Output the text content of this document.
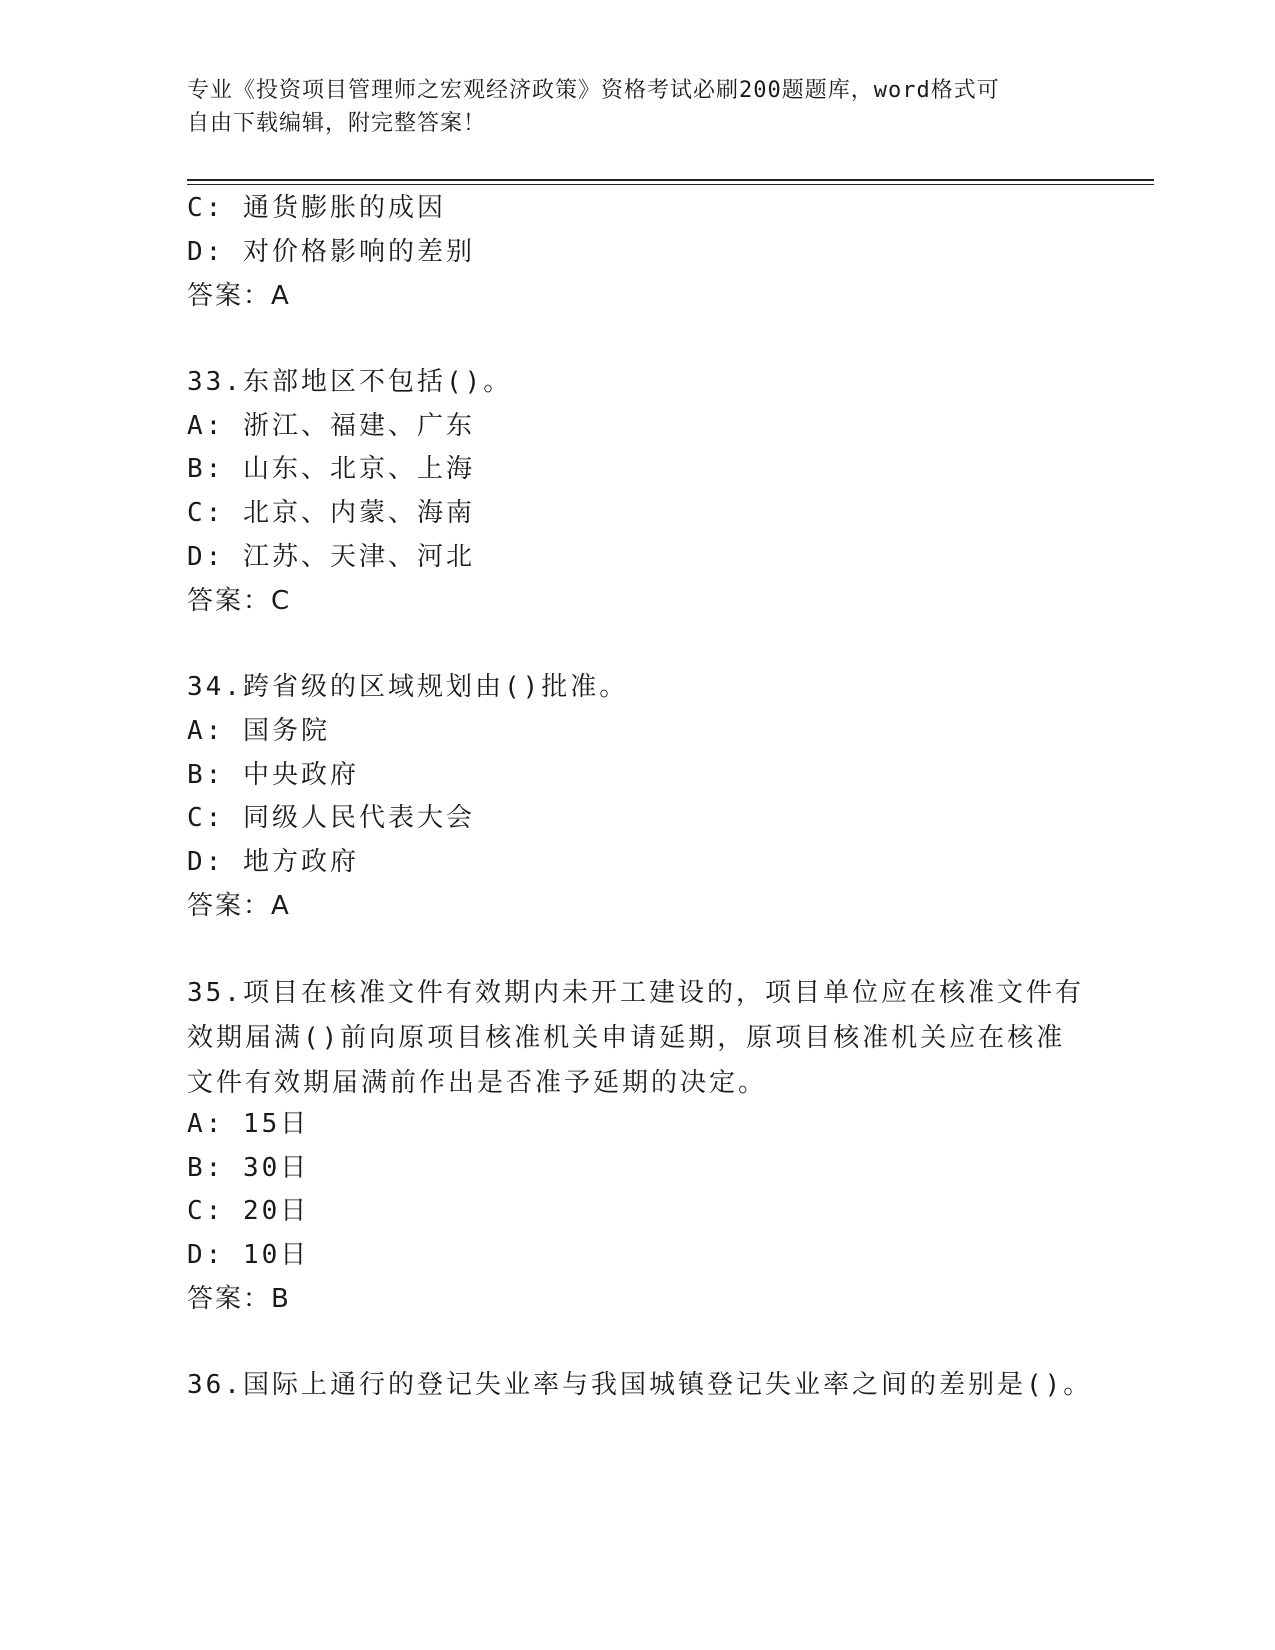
专业《投资项目管理师之宏观经济政策》资格考试必刷200题题库，word格式可
自由下载编辑，附完整答案！
C: 通货膨胀的成因
D: 对价格影响的差别
答案：A
33.东部地区不包括()。
A: 浙江、福建、广东
B: 山东、北京、上海
C: 北京、内蒙、海南
D: 江苏、天津、河北
答案：C
34.跨省级的区域规划由()批准。
A: 国务院
B: 中央政府
C: 同级人民代表大会
D: 地方政府
答案：A
35.项目在核准文件有效期内未开工建设的，项目单位应在核准文件有
效期届满()前向原项目核准机关申请延期，原项目核准机关应在核准
文件有效期届满前作出是否准予延期的决定。
A: 15日
B: 30日
C: 20日
D: 10日
答案：B
36.国际上通行的登记失业率与我国城镇登记失业率之间的差别是()。
